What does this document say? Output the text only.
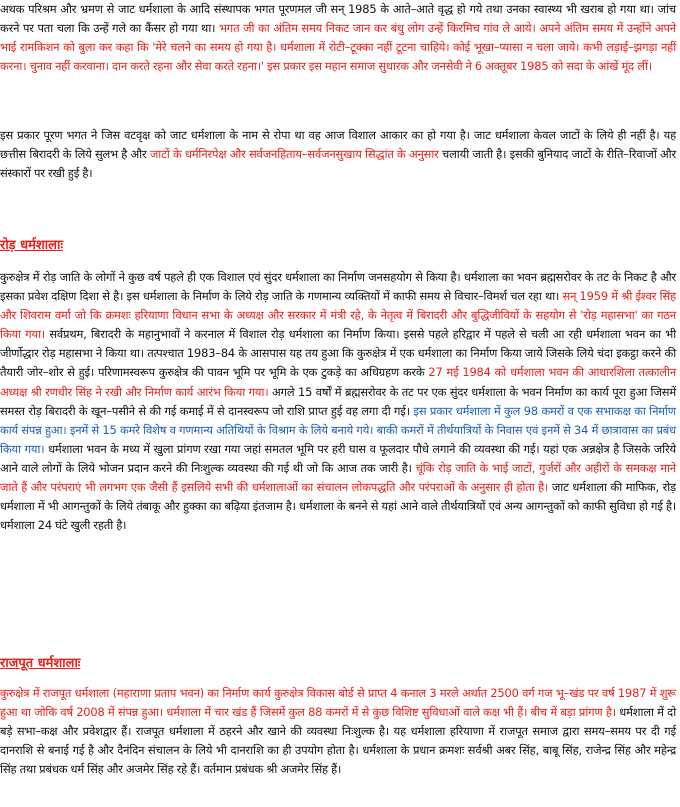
अथक परिश्रम और भ्रमण से जाट धर्मशाला के आदि संस्थापक भगत पूरणमल जी सन् 1985 के आते–आते वृद्ध हो गये तथा उनका स्वास्थ्य भी खराब हो गया था। जांच करने पर पता चला कि उन्हें गले का कैंसर हो गया था। भगत जी का अंतिम समय निकट जान कर बंधु लोग उन्हें किरमिच गांव ले आये। अपने अंतिम समय में उन्होंने अपने भाई रामकिशन को बुला कर कहा कि 'मेरे चलने का समय हो गया है। धर्मशाला में रोटी–टूक्का नहीं टूटना चाहिये। कोई भूखा–प्यासा न चला जाये। कभी लड़ाई–झगड़ा नहीं करना। चुनाव नहीं करवाना। दान करते रहना और सेवा करते रहना।' इस प्रकार इस महान समाज सुधारक और जनसेवी ने 6 अक्तूबर 1985 को सदा के आंखें मूंद लीं।

इस प्रकार पूरण भगत ने जिस वटवृक्ष को जाट धर्मशाला के नाम से रोपा था वह आज विशाल आकार का हो गया है। जाट धर्मशाला केवल जाटों के लिये ही नहीं है। यह छत्तीस बिरादरी के लिये सुलभ है और जाटों के धर्मनिरपेक्ष और सर्वजनहिताय–सर्वजनसुखाय सिद्धांत के अनुसार चलायी जाती है। इसकी बुनियाद जाटों के रीति–रिवाजों और संस्कारों पर रखी हुई है।

रोड़ धर्मशालाः

कुरुक्षेत्र में रोड़ जाति के लोगों ने कुछ वर्ष पहले ही एक विशाल एवं सुंदर धर्मशाला का निर्माण जनसहयोग से किया है। धर्मशाला का भवन ब्रह्मसरोवर के तट के निकट है और इसका प्रवेश दक्षिण दिशा से है। इस धर्मशाला के निर्माण के लिये रोड़ जाति के गणमान्य व्यक्तियों में काफी समय से विचार–विमर्श चल रहा था। सन् 1959 में श्री ईश्वर सिंह और शिवराम वर्मा जो कि क्रमशः हरियाणा विधान सभा के अध्यक्ष और सरकार में मंत्री रहे, के नेतृत्व में बिरादरी और बुद्धिजीवियों के सहयोग से 'रोड़ महासभा' का गठन किया गया। सर्वप्रथम, बिरादरी के महानुभावों ने करनाल में विशाल रोड़ धर्मशाला का निर्माण किया। इससे पहले हरिद्वार में पहले से चली आ रही धर्मशाला भवन का भी जीर्णोद्धार रोड़ महासभा ने किया था। तत्पश्चात 1983–84 के आसपास यह तय हुआ कि कुरुक्षेत्र में एक धर्मशाला का निर्माण किया जाये जिसके लिये चंदा इकट्ठा करने की तैयारी जोर–शोर से हुई। परिणामस्वरूप कुरुक्षेत्र की पावन भूमि पर भूमि के एक टुकड़े का अधिग्रहण करके 27 मई 1984 को धर्मशाला भवन की आधारशिला तत्कालीन अध्यक्ष श्री रणधीर सिंह ने रखी और निर्माण कार्य आरंभ किया गया। अगले 15 वर्षों में ब्रह्मसरोवर के तट पर एक सुंदर धर्मशाला के भवन निर्माण का कार्य पूरा हुआ जिसमें समस्त रोड़ बिरादरी के खून–पसीने से की गई कमाई में से दानस्वरूप जो राशि प्राप्त हुई वह लगा दी गई। इस प्रकार धर्मशाला में कुल 98 कमरों व एक सभाकक्ष का निर्माण कार्य संपन्न हुआ। इनमें से 15 कमरे विशेष व गणमान्य अतिथियों के विश्राम के लिये बनाये गये। बाकी कमरों में तीर्थयात्रियों के निवास एवं इनमें से 34 में छात्रावास का प्रबंध किया गया। धर्मशाला भवन के मध्य में खुला प्रांगण रखा गया जहां समतल भूमि पर हरी घास व फूलदार पौधे लगाने की व्यवस्था की गई। यहां एक अन्नक्षेत्र है जिसके जरिये आने वाले लोगों के लिये भोजन प्रदान करने की निःशुल्क व्यवस्था की गई थी जो कि आज तक जारी है। चूंकि रोड़ जाति के भाई जाटों, गुर्जरों और अहीरों के समकक्ष माने जाते हैं और परंपराएं भी लगभग एक जैसी हैं इसलिये सभी की धर्मशालाओं का संचालन लोकपद्धति और परंपराओं के अनुसार ही होता है। जाट धर्मशाला की माफिक, रोड़ धर्मशाला में भी आगन्तुकों के लिये तंबाकू और हुक्का का बढ़िया इंतजाम है। धर्मशाला के बनने से यहां आने वाले तीर्थयात्रियों एवं अन्य आगन्तुकों को काफी सुविधा हो गई है। धर्मशाला 24 घंटे खुली रहती है।

राजपूत धर्मशालाः

कुरुक्षेत्र में राजपूत धर्मशाला (महाराणा प्रताप भवन) का निर्माण कार्य कुरुक्षेत्र विकास बोर्ड से प्राप्त 4 कनाल 3 मरले अर्थात 2500 वर्ग गज भू–खंड पर वर्ष 1987 में शुरू हुआ था जोकि वर्ष 2008 में संपन्न हुआ। धर्मशाला में चार खंड हैं जिसमें कुल 88 कमरों में से कुछ विशिष्ट सुविधाओं वाले कक्ष भी हैं। बीच में बड़ा प्रांगण है। धर्मशाला में दो बड़े सभा–कक्ष और प्रवेशद्वार हैं। राजपूत धर्मशाला में ठहरने और खाने की व्यवस्था निःशुल्क है। यह धर्मशाला हरियाणा में राजपूत समाज द्वारा समय–समय पर दी गई दानराशि से बनाई गई है और दैनंदिन संचालन के लिये भी दानराशि का ही उपयोग होता है। धर्मशाला के प्रधान क्रमशः सर्वश्री अबर सिंह, बाबू सिंह, राजेन्द्र सिंह और महेन्द्र सिंह तथा प्रबंधक धर्म सिंह और अजमेर सिंह रहे हैं। वर्तमान प्रबंधक श्री अजमेर सिंह हैं।
